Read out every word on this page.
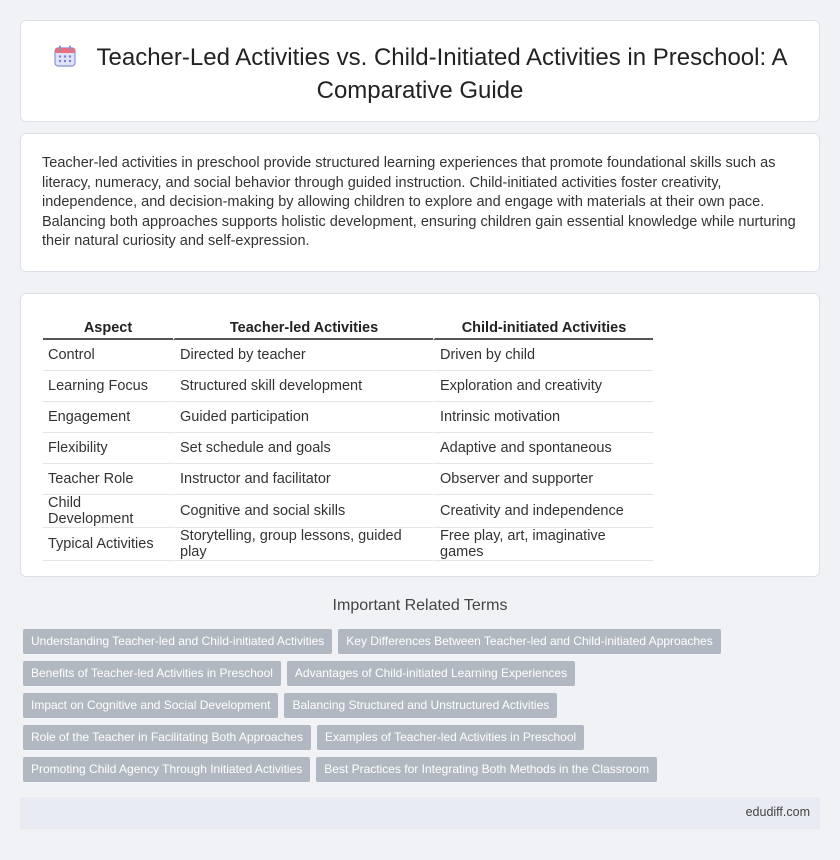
Teacher-Led Activities vs. Child-Initiated Activities in Preschool: A Comparative Guide
Teacher-led activities in preschool provide structured learning experiences that promote foundational skills such as literacy, numeracy, and social behavior through guided instruction. Child-initiated activities foster creativity, independence, and decision-making by allowing children to explore and engage with materials at their own pace. Balancing both approaches supports holistic development, ensuring children gain essential knowledge while nurturing their natural curiosity and self-expression.
Aspect	Teacher-led Activities	Child-initiated Activities
Control	Directed by teacher	Driven by child
Learning Focus	Structured skill development	Exploration and creativity
Engagement	Guided participation	Intrinsic motivation
Flexibility	Set schedule and goals	Adaptive and spontaneous
Teacher Role	Instructor and facilitator	Observer and supporter
Child Development	Cognitive and social skills	Creativity and independence
Typical Activities	Storytelling, group lessons, guided play	Free play, art, imaginative games
Important Related Terms
Understanding Teacher-led and Child-initiated Activities Key Differences Between Teacher-led and Child-initiated Approaches
Benefits of Teacher-led Activities in Preschool Advantages of Child-initiated Learning Experiences
Impact on Cognitive and Social Development Balancing Structured and Unstructured Activities
Role of the Teacher in Facilitating Both Approaches Examples of Teacher-led Activities in Preschool
Promoting Child Agency Through Initiated Activities Best Practices for Integrating Both Methods in the Classroom
edudiff.com
